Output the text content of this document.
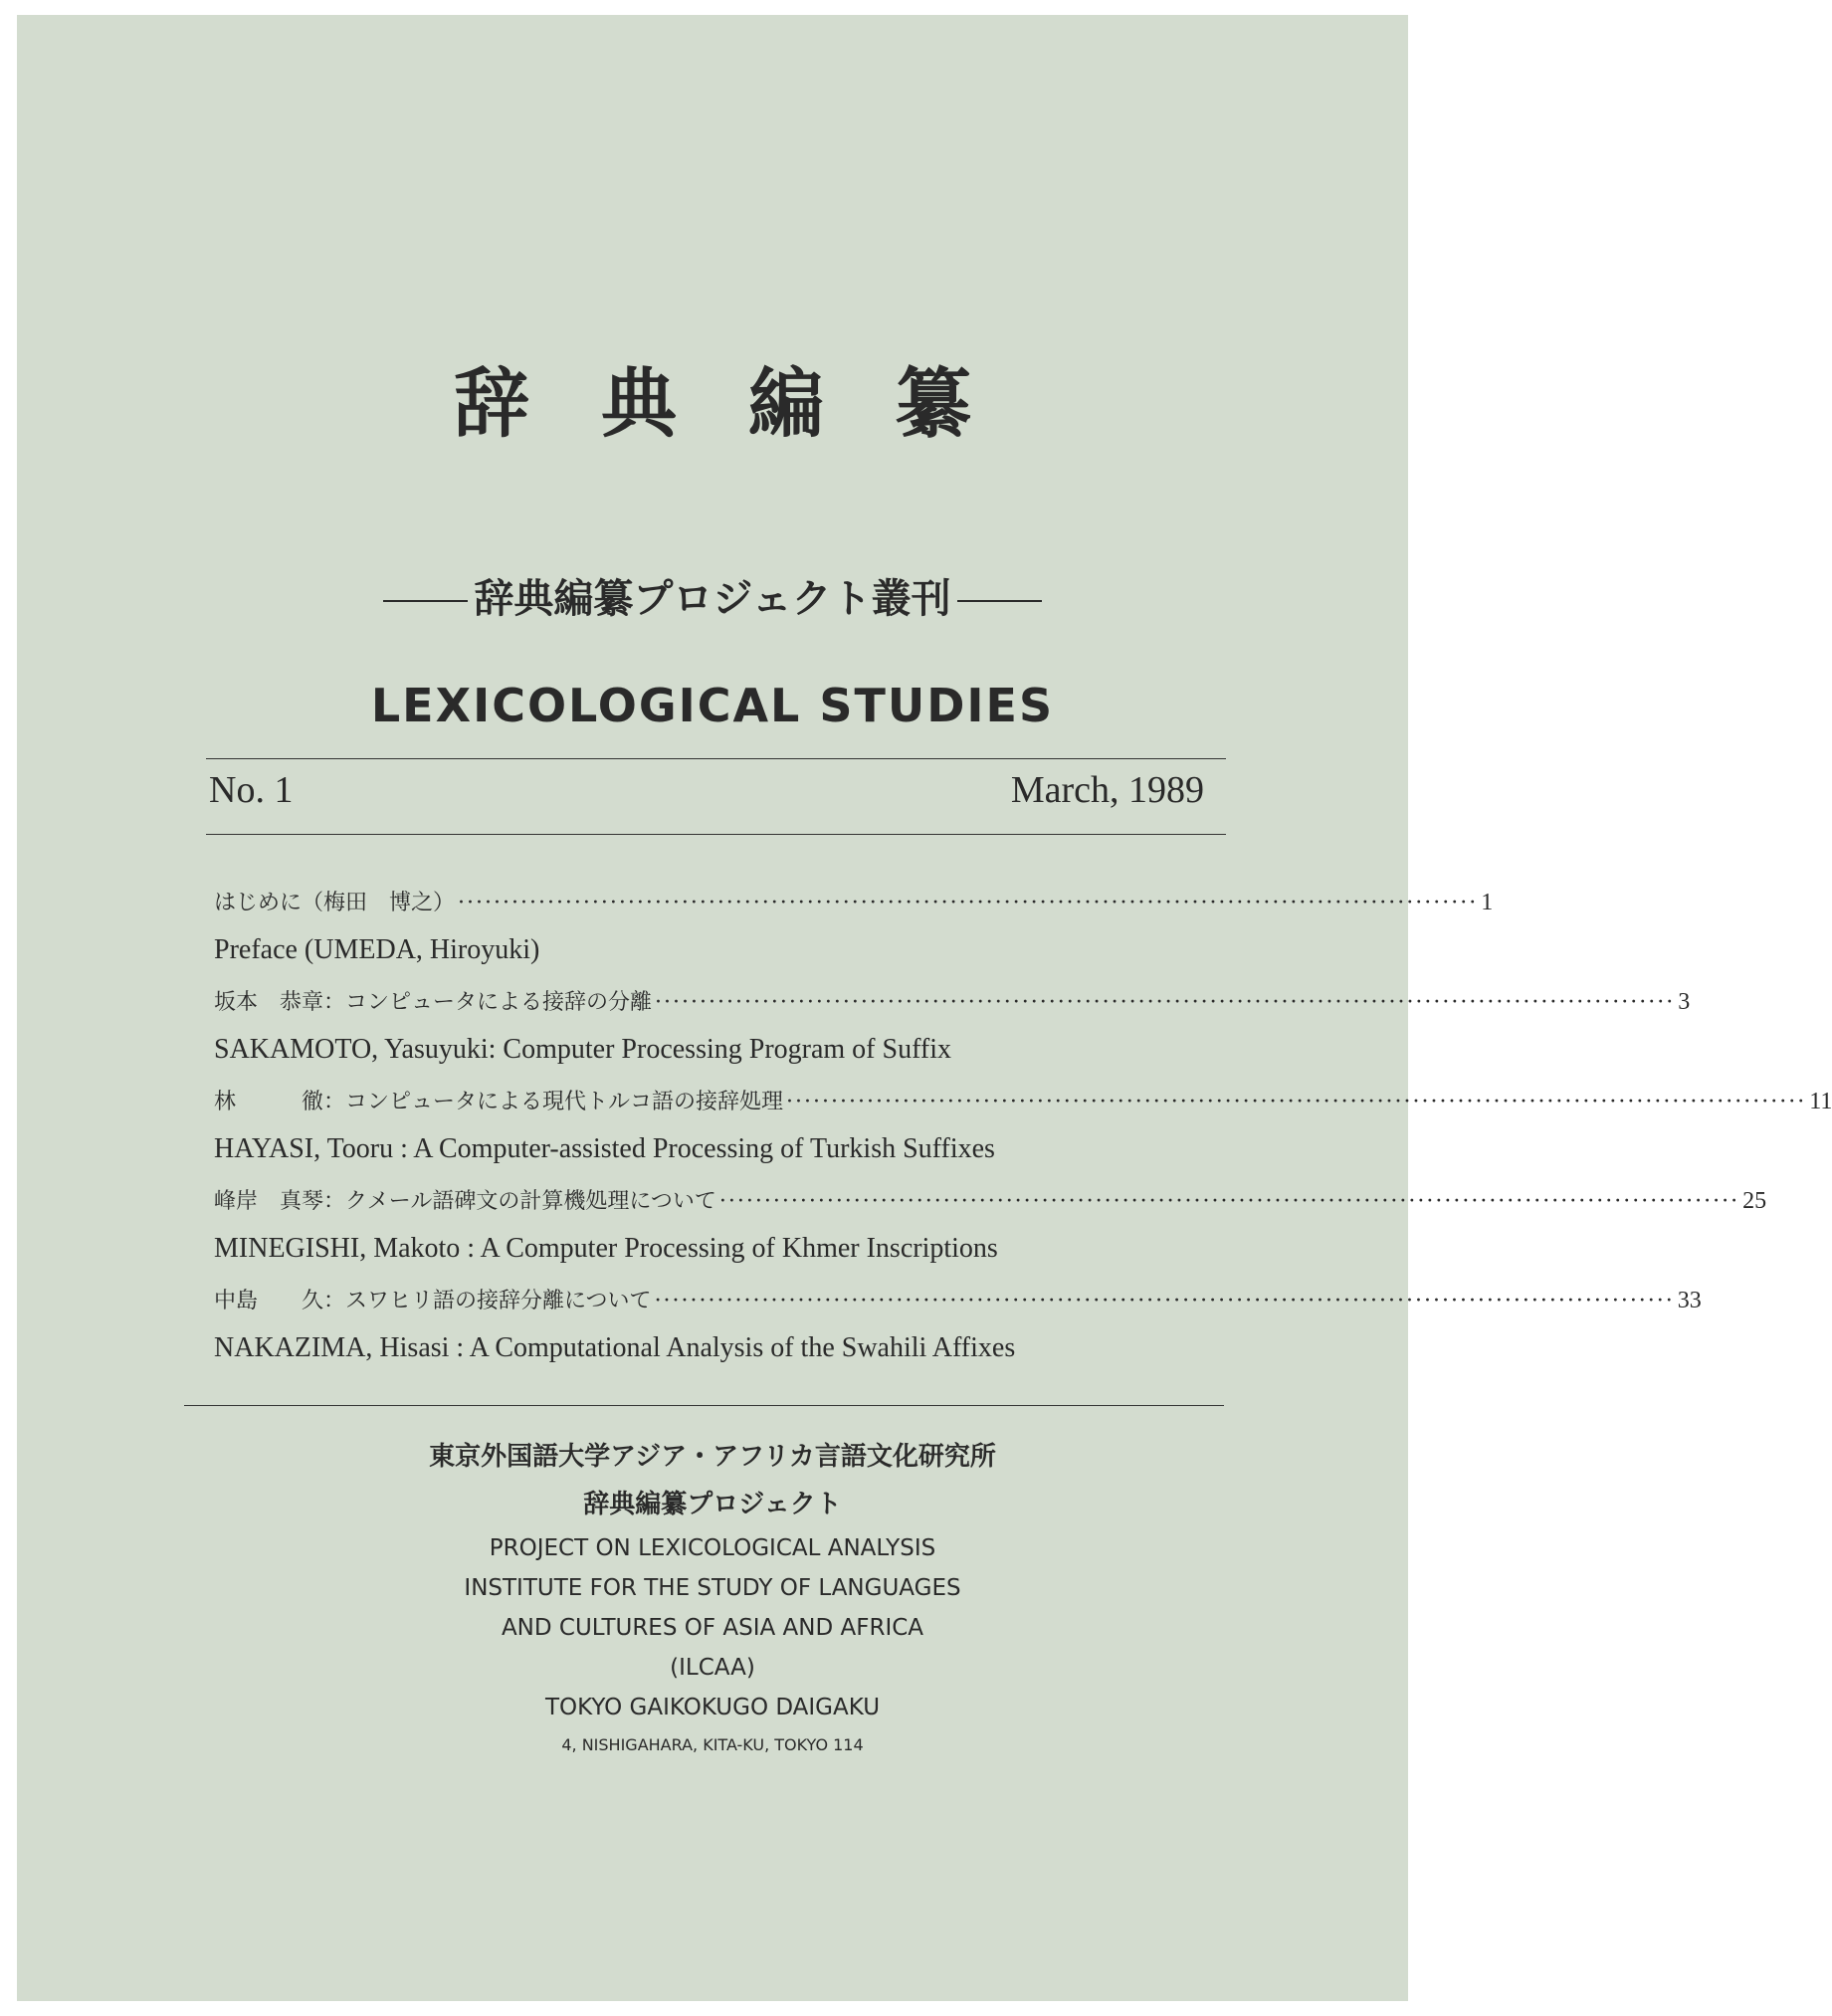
辞典編纂
辞典編纂プロジェクト叢刊
LEXICOLOGICAL STUDIES
No. 1	March, 1989
はじめに（梅田　博之） ·················································································································· 1
Preface (UMEDA, Hiroyuki)
坂本　恭章：コンピュータによる接辞の分離 ·················································································································· 3
SAKAMOTO, Yasuyuki: Computer Processing Program of Suffix
林　　　徹：コンピュータによる現代トルコ語の接辞処理 ·················································································································· 11
HAYASI, Tooru : A Computer-assisted Processing of Turkish Suffixes
峰岸　真琴：クメール語碑文の計算機処理について ·················································································································· 25
MINEGISHI, Makoto : A Computer Processing of Khmer Inscriptions
中島　　久：スワヒリ語の接辞分離について ·················································································································· 33
NAKAZIMA, Hisasi : A Computational Analysis of the Swahili Affixes
東京外国語大学アジア・アフリカ言語文化研究所
辞典編纂プロジェクト
PROJECT ON LEXICOLOGICAL ANALYSIS
INSTITUTE FOR THE STUDY OF LANGUAGES
AND CULTURES OF ASIA AND AFRICA
(ILCAA)
TOKYO GAIKOKUGO DAIGAKU
4, NISHIGAHARA, KITA-KU, TOKYO 114
